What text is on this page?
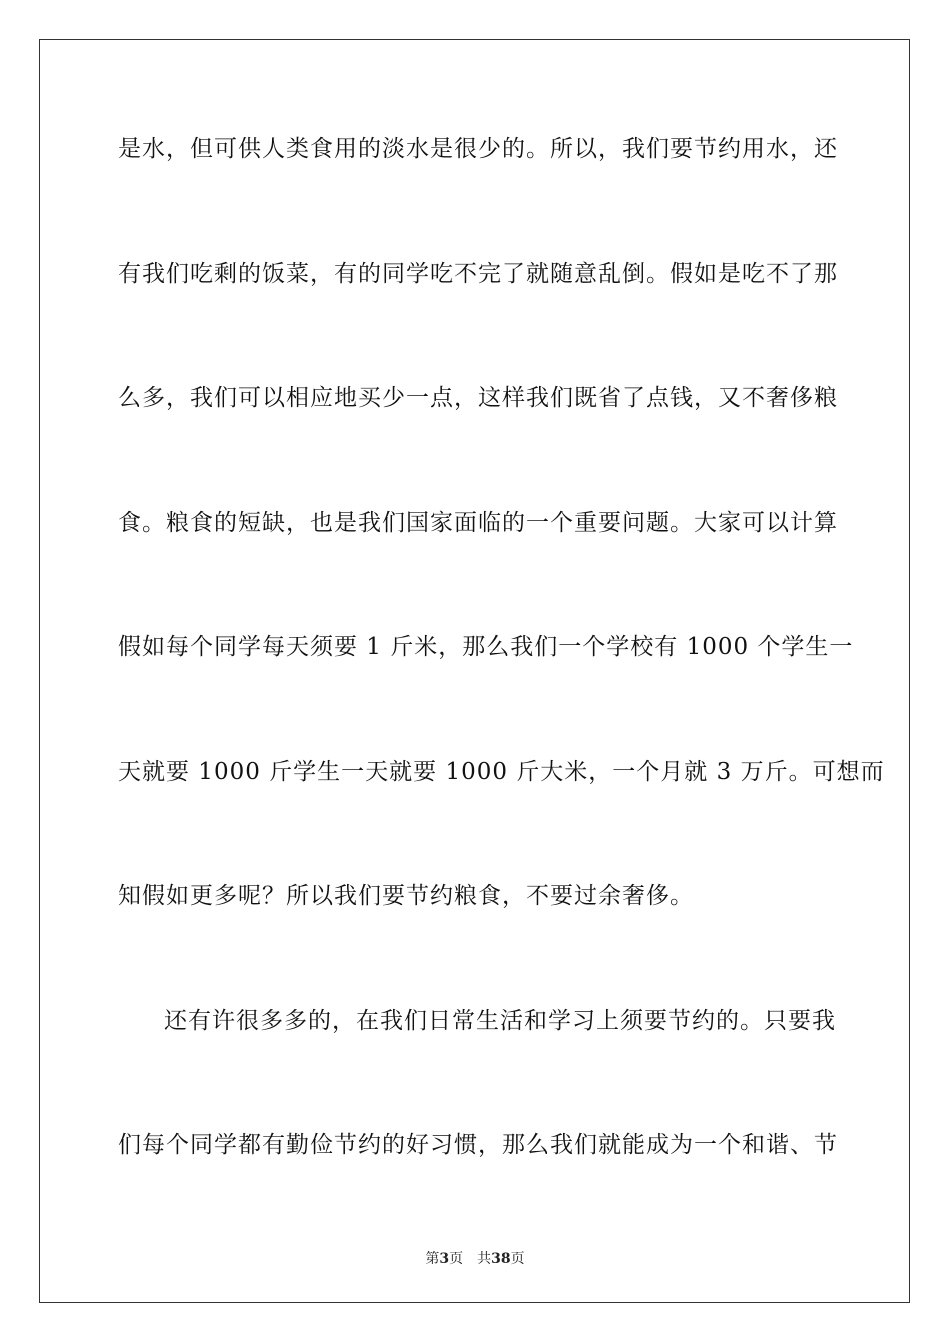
是水，但可供人类食用的淡水是很少的。所以，我们要节约用水，还
有我们吃剩的饭菜，有的同学吃不完了就随意乱倒。假如是吃不了那
么多，我们可以相应地买少一点，这样我们既省了点钱，又不奢侈粮
食。粮食的短缺，也是我们国家面临的一个重要问题。大家可以计算
假如每个同学每天须要 1 斤米，那么我们一个学校有 1000 个学生一
天就要 1000 斤学生一天就要 1000 斤大米，一个月就 3 万斤。可想而
知假如更多呢？所以我们要节约粮食，不要过余奢侈。
还有许很多多的，在我们日常生活和学习上须要节约的。只要我
们每个同学都有勤俭节约的好习惯，那么我们就能成为一个和谐、节
第3页 共38页
